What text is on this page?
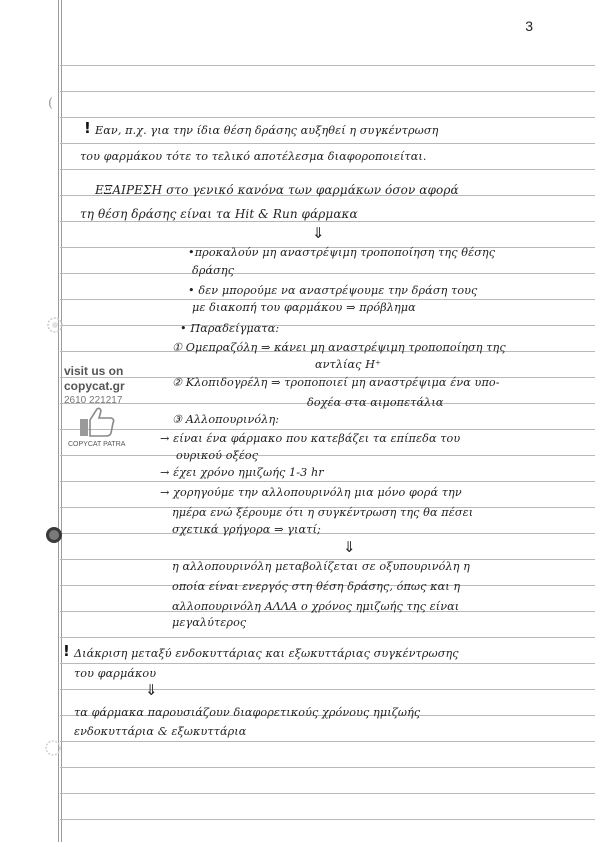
3
(
visit us on
copycat.gr
2610 221217
COPYCAT PATRA
! Εαν, π.χ. για την ίδια θέση δράσης αυξηθεί η συγκέντρωση
του φαρμάκου τότε το τελικό αποτέλεσμα διαφοροποιείται.
ΕΞΑΙΡΕΣΗ στο γενικό κανόνα των φαρμάκων όσον αφορά
τη θέση δράσης είναι τα Hit & Run φάρμακα
⇓
•προκαλούν μη αναστρέψιμη τροποποίηση της θέσης
δράσης
• δεν μπορούμε να αναστρέψουμε την δράση τους
με διακοπή του φαρμάκου ⇒ πρόβλημα
• Παραδείγματα:
① Ομεπραζόλη ⇒ κάνει μη αναστρέψιμη τροποποίηση της
αντλίας H⁺
② Κλοπιδογρέλη ⇒ τροποποιεί μη αναστρέψιμα ένα υπο-
δοχέα στα αιμοπετάλια
③ Αλλοπουρινόλη:
→ είναι ένα φάρμακο που κατεβάζει τα επίπεδα του
ουρικού οξέος
→ έχει χρόνο ημιζωής 1-3 hr
→ χορηγούμε την αλλοπουρινόλη μια μόνο φορά την
ημέρα ενώ ξέρουμε ότι η συγκέντρωση της θα πέσει
σχετικά γρήγορα ⇒ γιατί;
⇓
η αλλοπουρινόλη μεταβολίζεται σε οξυπουρινόλη η
οποία είναι ενεργός στη θέση δράσης, όπως και η
αλλοπουρινόλη ΑΛΛΑ ο χρόνος ημιζωής της είναι
μεγαλύτερος
! Διάκριση μεταξύ ενδοκυττάριας και εξωκυττάριας συγκέντρωσης
του φαρμάκου
⇓
τα φάρμακα παρουσιάζουν διαφορετικούς χρόνους ημιζωής
ενδοκυττάρια & εξωκυττάρια
